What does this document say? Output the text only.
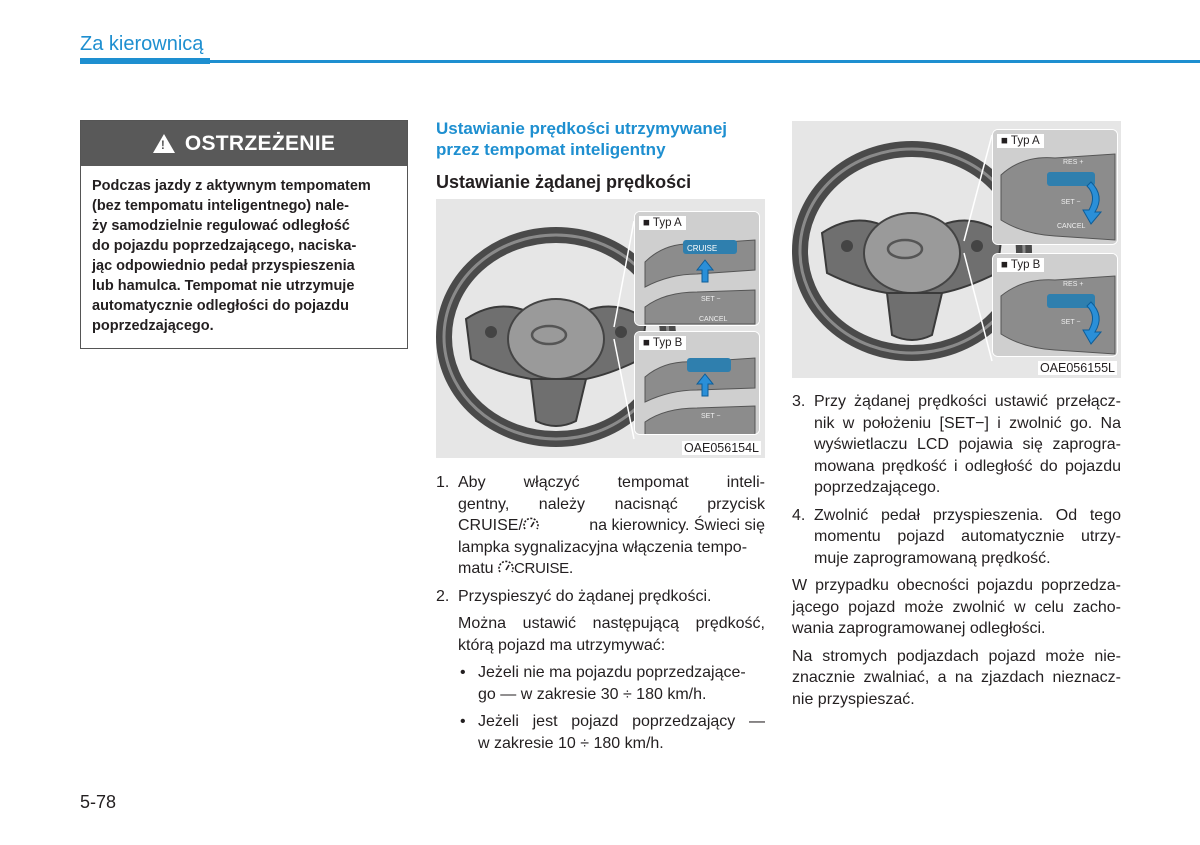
Za kierownicą
! OSTRZEŻENIE
Podczas jazdy z aktywnym tempomatem
(bez tempomatu inteligentnego) nale-
ży samodzielnie regulować odległość
do pojazdu poprzedzającego, naciska-
jąc odpowiednio pedał przyspieszenia
lub hamulca. Tempomat nie utrzymuje
automatycznie odległości do pojazdu
poprzedzającego.
Ustawianie prędkości utrzymywanej
przez tempomat inteligentny
Ustawianie żądanej prędkości
CRUISE
SET −
CANCEL
■ Typ A
SET −
■ Typ B
OAE056154L
RES +
SET −
CANCEL
■ Typ A
RES +
SET −
■ Typ B
OAE056155L
1. Aby włączyć tempomat inteli-
gentny, należy nacisnąć przycisk
CRUISE/	na kierownicy. Świeci się
lampka sygnalizacyjna włączenia tempo-
matu CRUISE.
2. Przyspieszyć do żądanej prędkości.
Można ustawić następującą prędkość,
którą pojazd ma utrzymywać:
• Jeżeli nie ma pojazdu poprzedzające-
go — w zakresie 30 ÷ 180 km/h.
• Jeżeli jest pojazd poprzedzający —
w zakresie 10 ÷ 180 km/h.
3. Przy żądanej prędkości ustawić przełącz-
nik w położeniu [SET−] i zwolnić go. Na
wyświetlaczu LCD pojawia się zaprogra-
mowana prędkość i odległość do pojazdu
poprzedzającego.
4. Zwolnić pedał przyspieszenia. Od tego
momentu pojazd automatycznie utrzy-
muje zaprogramowaną prędkość.
W przypadku obecności pojazdu poprzedza-
jącego pojazd może zwolnić w celu zacho-
wania zaprogramowanej odległości.
Na stromych podjazdach pojazd może nie-
znacznie zwalniać, a na zjazdach nieznacz-
nie przyspieszać.
5-78
